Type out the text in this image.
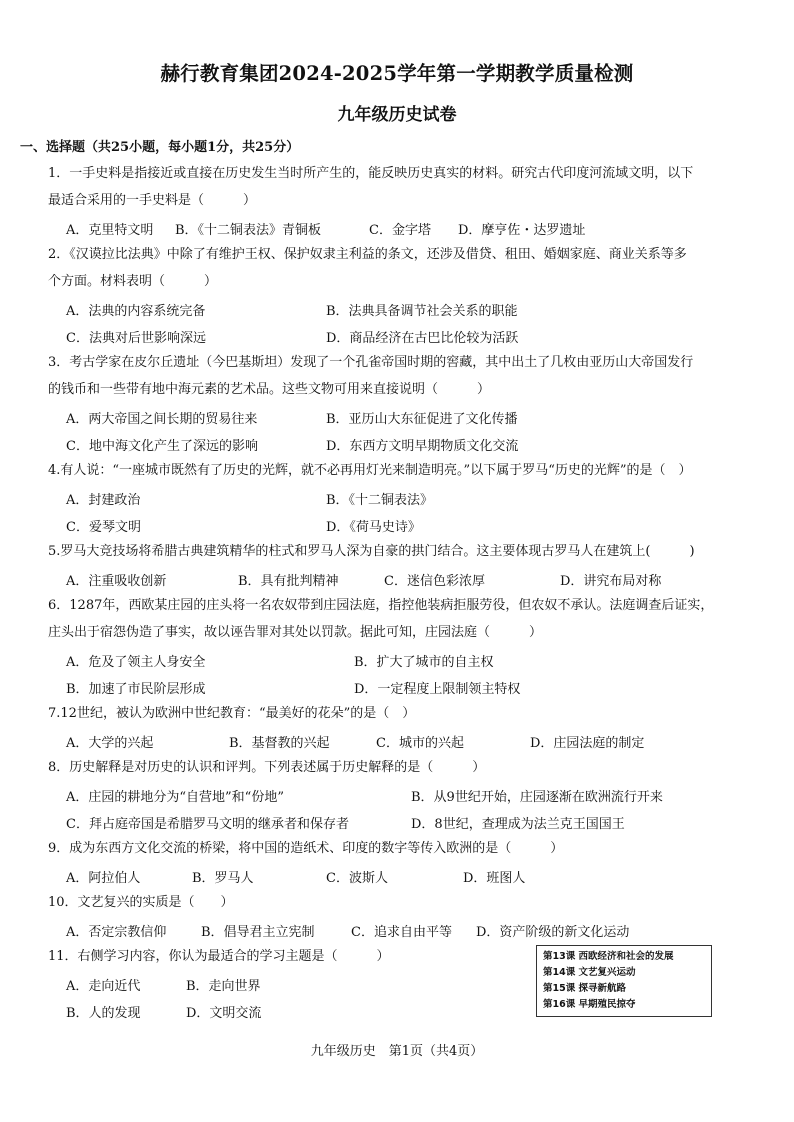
赫行教育集团2024-2025学年第一学期教学质量检测
九年级历史试卷
一、选择题（共25小题，每小题1分，共25分）
1．一手史料是指接近或直接在历史发生当时所产生的，能反映历史真实的材料。研究古代印度河流域文明，以下
最适合采用的一手史料是（　　　）
A．克里特文明 B．《十二铜表法》青铜板	C．金字塔 D．摩亨佐・达罗遗址
2．《汉谟拉比法典》中除了有维护王权、保护奴隶主利益的条文，还涉及借贷、租田、婚姻家庭、商业关系等多
个方面。材料表明（　　　）
A．法典的内容系统完备	B．法典具备调节社会关系的职能
C．法典对后世影响深远	D．商品经济在古巴比伦较为活跃
3．考古学家在皮尔丘遗址（今巴基斯坦）发现了一个孔雀帝国时期的窖藏，其中出土了几枚由亚历山大帝国发行
的钱币和一些带有地中海元素的艺术品。这些文物可用来直接说明（　　　）
A．两大帝国之间长期的贸易往来	B．亚历山大东征促进了文化传播
C．地中海文化产生了深远的影响	D．东西方文明早期物质文化交流
4.有人说：“一座城市既然有了历史的光辉，就不必再用灯光来制造明亮。”以下属于罗马“历史的光辉”的是（　）
A．封建政治	B．《十二铜表法》
C．爱琴文明	D．《荷马史诗》
5.罗马大竞技场将希腊古典建筑精华的柱式和罗马人深为自豪的拱门结合。这主要体现古罗马人在建筑上(　　　)
A．注重吸收创新	B．具有批判精神	C．迷信色彩浓厚	D．讲究布局对称
6．1287年，西欧某庄园的庄头将一名农奴带到庄园法庭，指控他装病拒服劳役，但农奴不承认。法庭调查后证实，
庄头出于宿怨伪造了事实，故以诬告罪对其处以罚款。据此可知，庄园法庭（　　　）
A．危及了领主人身安全	B．扩大了城市的自主权
B．加速了市民阶层形成	D．一定程度上限制领主特权
7.12世纪，被认为欧洲中世纪教育：“最美好的花朵”的是（　）
A．大学的兴起	B．基督教的兴起	C．城市的兴起	D．庄园法庭的制定
8．历史解释是对历史的认识和评判。下列表述属于历史解释的是（　　　）
A．庄园的耕地分为“自营地”和“份地”	B．从9世纪开始，庄园逐渐在欧洲流行开来
C．拜占庭帝国是希腊罗马文明的继承者和保存者	D．8世纪，查理成为法兰克王国国王
9．成为东西方文化交流的桥梁，将中国的造纸术、印度的数字等传入欧洲的是（　　　）
A．阿拉伯人	B．罗马人	C．波斯人	D．班图人
10．文艺复兴的实质是（　　）
A．否定宗教信仰	B．倡导君主立宪制	C．追求自由平等 D．资产阶级的新文化运动
11．右侧学习内容，你认为最适合的学习主题是（　　　）
A．走向近代	B．走向世界
B．人的发现	D．文明交流
第13课 西欧经济和社会的发展
第14课 文艺复兴运动
第15课 探寻新航路
第16课 早期殖民掠夺
九年级历史　第1页（共4页）
